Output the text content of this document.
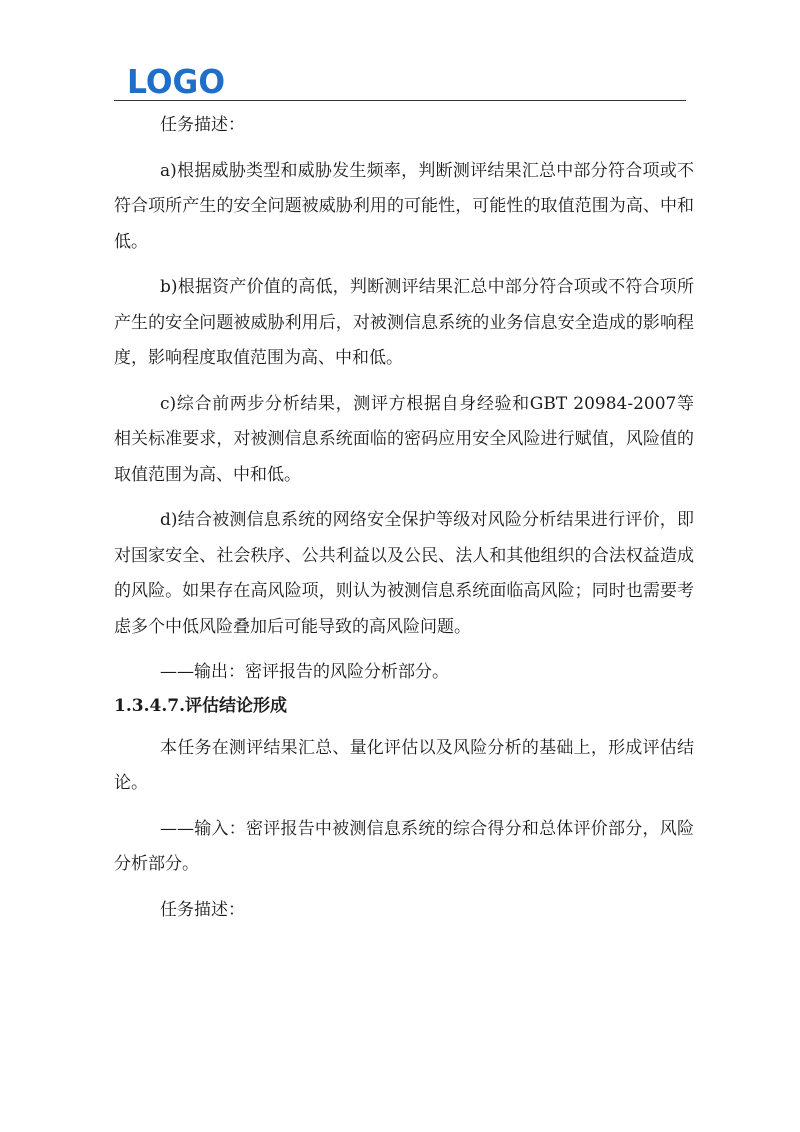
LOGO

任务描述：

a)根据威胁类型和威胁发生频率，判断测评结果汇总中部分符合项或不符合项所产生的安全问题被威胁利用的可能性，可能性的取值范围为高、中和低。

b)根据资产价值的高低，判断测评结果汇总中部分符合项或不符合项所产生的安全问题被威胁利用后，对被测信息系统的业务信息安全造成的影响程度，影响程度取值范围为高、中和低。

c)综合前两步分析结果，测评方根据自身经验和GBT 20984-2007等相关标准要求，对被测信息系统面临的密码应用安全风险进行赋值，风险值的取值范围为高、中和低。

d)结合被测信息系统的网络安全保护等级对风险分析结果进行评价，即对国家安全、社会秩序、公共利益以及公民、法人和其他组织的合法权益造成的风险。如果存在高风险项，则认为被测信息系统面临高风险；同时也需要考虑多个中低风险叠加后可能导致的高风险问题。

——输出：密评报告的风险分析部分。

1.3.4.7.评估结论形成

本任务在测评结果汇总、量化评估以及风险分析的基础上，形成评估结论。

——输入：密评报告中被测信息系统的综合得分和总体评价部分，风险分析部分。

任务描述：
